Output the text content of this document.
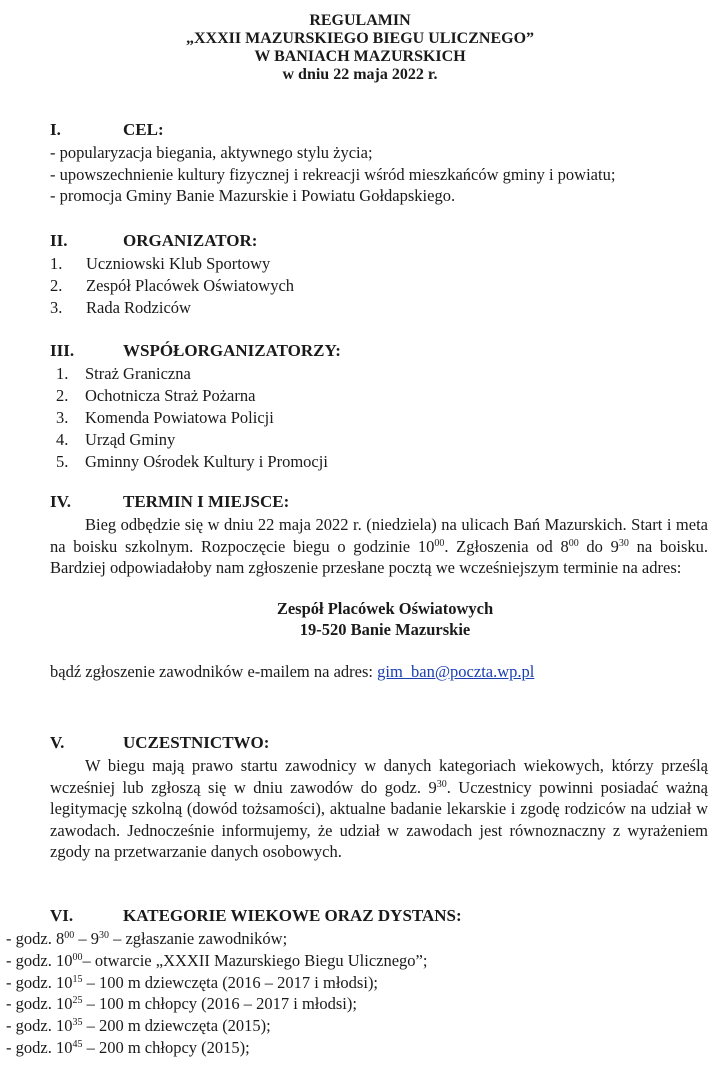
REGULAMIN
„XXXII MAZURSKIEGO BIEGU ULICZNEGO”
W BANIACH MAZURSKICH
w dniu 22 maja 2022 r.
I.	CEL:
- popularyzacja biegania, aktywnego stylu życia;
- upowszechnienie kultury fizycznej i rekreacji wśród mieszkańców gminy i powiatu;
- promocja Gminy Banie Mazurskie i Powiatu Gołdapskiego.
II.	ORGANIZATOR:
1. Uczniowski Klub Sportowy
2. Zespół Placówek Oświatowych
3. Rada Rodziców
III.	WSPÓŁORGANIZATORZY:
1. Straż Graniczna
2. Ochotnicza Straż Pożarna
3. Komenda Powiatowa Policji
4. Urząd Gminy
5. Gminny Ośrodek Kultury i Promocji
IV.	TERMIN I MIEJSCE:
Bieg odbędzie się w dniu 22 maja 2022 r. (niedziela) na ulicach Bań Mazurskich. Start i meta na boisku szkolnym. Rozpoczęcie biegu o godzinie $10^{00}$. Zgłoszenia od $8^{00}$ do $9^{30}$ na boisku. Bardziej odpowiadałoby nam zgłoszenie przesłane pocztą we wcześniejszym terminie na adres:
Zespół Placówek Oświatowych
19-520 Banie Mazurskie
bądź zgłoszenie zawodników e-mailem na adres: gim_ban@poczta.wp.pl
V.	UCZESTNICTWO:
W biegu mają prawo startu zawodnicy w danych kategoriach wiekowych, którzy prześlą wcześniej lub zgłoszą się w dniu zawodów do godz. $9^{30}$. Uczestnicy powinni posiadać ważną legitymację szkolną (dowód tożsamości), aktualne badanie lekarskie i zgodę rodziców na udział w zawodach. Jednocześnie informujemy, że udział w zawodach jest równoznaczny z wyrażeniem zgody na przetwarzanie danych osobowych.
VI.	KATEGORIE WIEKOWE ORAZ DYSTANS:
- godz. $8^{00} - 9^{30}$ – zgłaszanie zawodników;
- godz. $10^{00}-$ otwarcie „XXXII Mazurskiego Biegu Ulicznego”;
- godz. $10^{15} - 100$ m dziewczęta (2016 – 2017 i młodsi);
- godz. $10^{25} - 100$ m chłopcy (2016 – 2017 i młodsi);
- godz. $10^{35} - 200$ m dziewczęta (2015);
- godz. $10^{45} - 200$ m chłopcy (2015);
